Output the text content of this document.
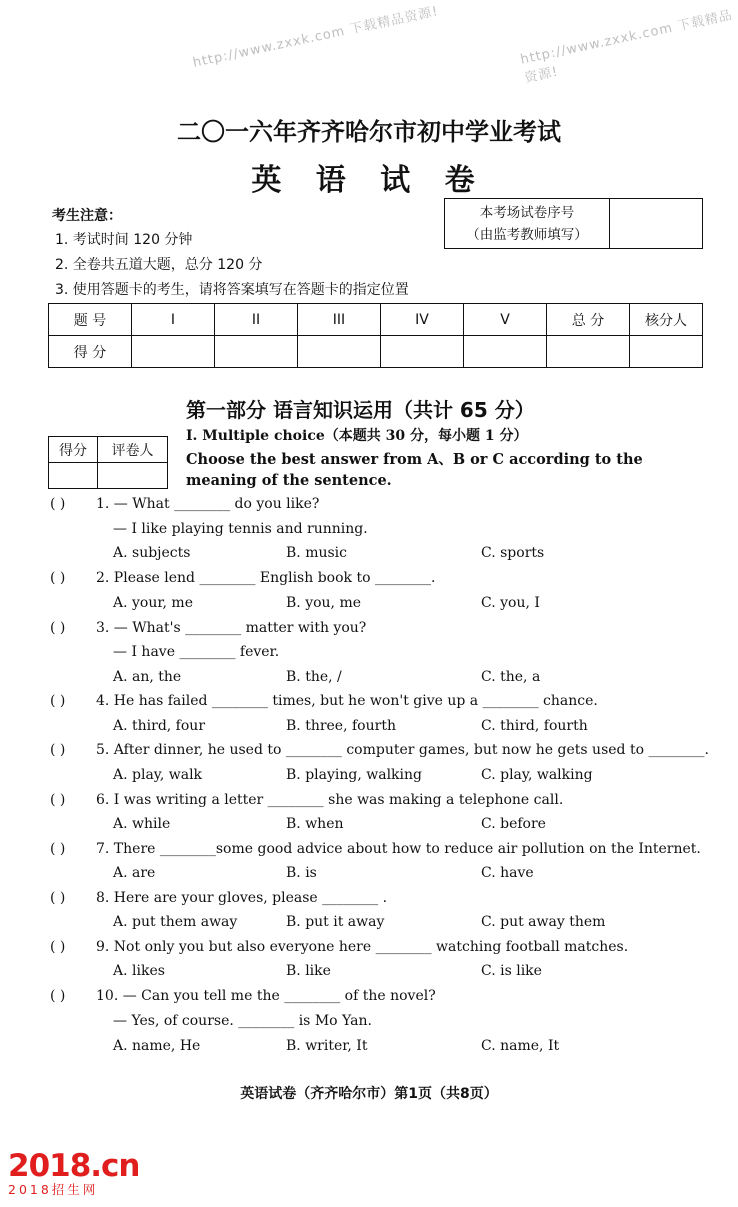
http://www.zxxk.com 下载精品资源!	http://www.zxxk.com 下载精品资源!
二〇一六年齐齐哈尔市初中学业考试
英 语 试 卷
考生注意：
1. 考试时间 120 分钟
2. 全卷共五道大题，总分 120 分
3. 使用答题卡的考生，请将答案填写在答题卡的指定位置
本考场试卷序号
（由监考教师填写）

题 号	I	II	III	IV	V	总 分	核分人
得 分							
第一部分 语言知识运用（共计 65 分）
得分	评卷人

I. Multiple choice（本题共 30 分，每小题 1 分）
Choose the best answer from A、B or C according to the meaning of the sentence.
( )	1. — What ________ do you like?
— I like playing tennis and running.
A. subjects	B. music	C. sports
( )	2. Please lend ________ English book to ________.
A. your, me	B. you, me	C. you, I
( )	3. — What's ________ matter with you?
— I have ________ fever.
A. an, the	B. the, /	C. the, a
( )	4. He has failed ________ times, but he won't give up a ________ chance.
A. third, four	B. three, fourth	C. third, fourth
( )	5. After dinner, he used to ________ computer games, but now he gets used to ________.
A. play, walk	B. playing, walking	C. play, walking
( )	6. I was writing a letter ________ she was making a telephone call.
A. while	B. when	C. before
( )	7. There ________some good advice about how to reduce air pollution on the Internet.
A. are	B. is	C. have
( )	8. Here are your gloves, please ________ .
A. put them away	B. put it away	C. put away them
( )	9. Not only you but also everyone here ________ watching football matches.
A. likes	B. like	C. is like
( )	10. — Can you tell me the ________ of the novel?
— Yes, of course. ________ is Mo Yan.
A. name, He	B. writer, It	C. name, It
英语试卷（齐齐哈尔市）第1页（共8页）
2018.cn
2018招生网
